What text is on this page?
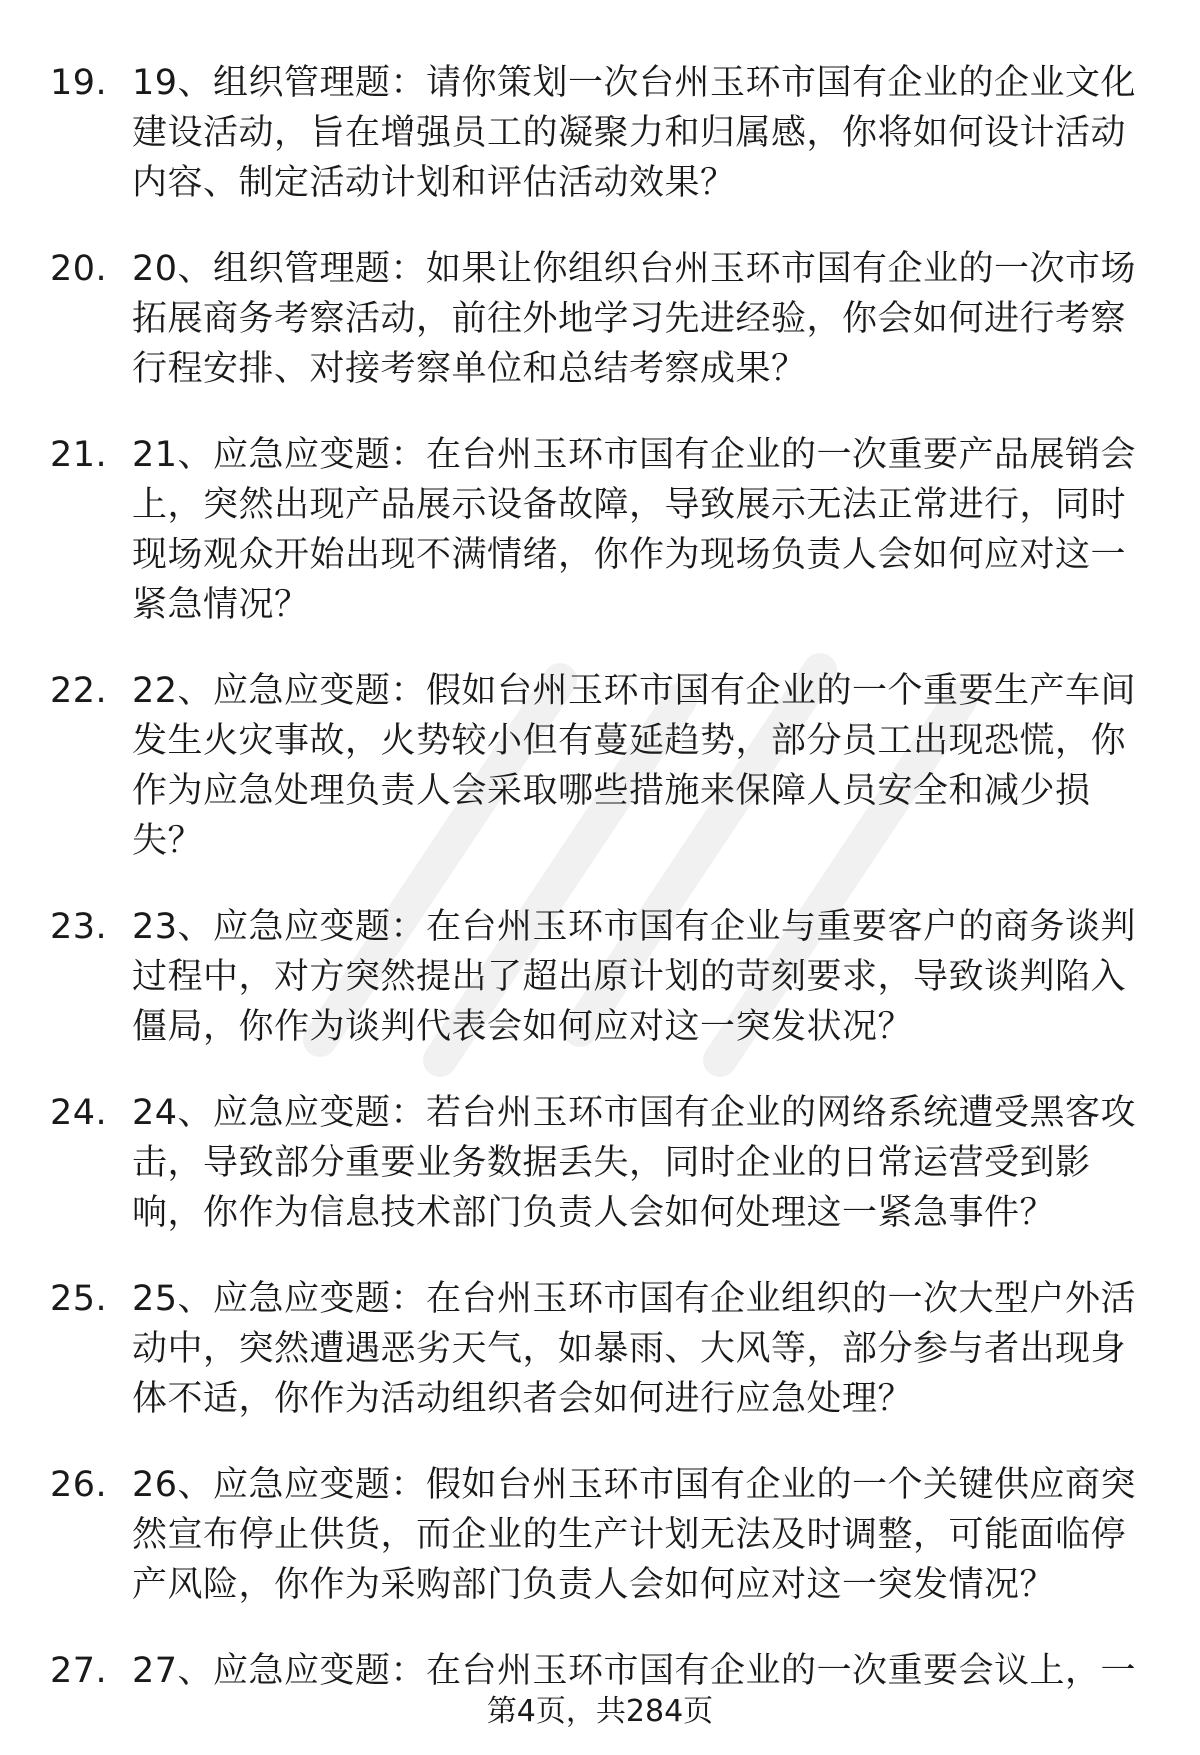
19. 19、组织管理题：请你策划一次台州玉环市国有企业的企业文化建设活动，旨在增强员工的凝聚力和归属感，你将如何设计活动内容、制定活动计划和评估活动效果？
20. 20、组织管理题：如果让你组织台州玉环市国有企业的一次市场拓展商务考察活动，前往外地学习先进经验，你会如何进行考察行程安排、对接考察单位和总结考察成果？
21. 21、应急应变题：在台州玉环市国有企业的一次重要产品展销会上，突然出现产品展示设备故障，导致展示无法正常进行，同时现场观众开始出现不满情绪，你作为现场负责人会如何应对这一紧急情况？
22. 22、应急应变题：假如台州玉环市国有企业的一个重要生产车间发生火灾事故，火势较小但有蔓延趋势，部分员工出现恐慌，你作为应急处理负责人会采取哪些措施来保障人员安全和减少损失？
23. 23、应急应变题：在台州玉环市国有企业与重要客户的商务谈判过程中，对方突然提出了超出原计划的苛刻要求，导致谈判陷入僵局，你作为谈判代表会如何应对这一突发状况？
24. 24、应急应变题：若台州玉环市国有企业的网络系统遭受黑客攻击，导致部分重要业务数据丢失，同时企业的日常运营受到影响，你作为信息技术部门负责人会如何处理这一紧急事件？
25. 25、应急应变题：在台州玉环市国有企业组织的一次大型户外活动中，突然遭遇恶劣天气，如暴雨、大风等，部分参与者出现身体不适，你作为活动组织者会如何进行应急处理？
26. 26、应急应变题：假如台州玉环市国有企业的一个关键供应商突然宣布停止供货，而企业的生产计划无法及时调整，可能面临停产风险，你作为采购部门负责人会如何应对这一突发情况？
27. 27、应急应变题：在台州玉环市国有企业的一次重要会议上，一
第4页，共284页
